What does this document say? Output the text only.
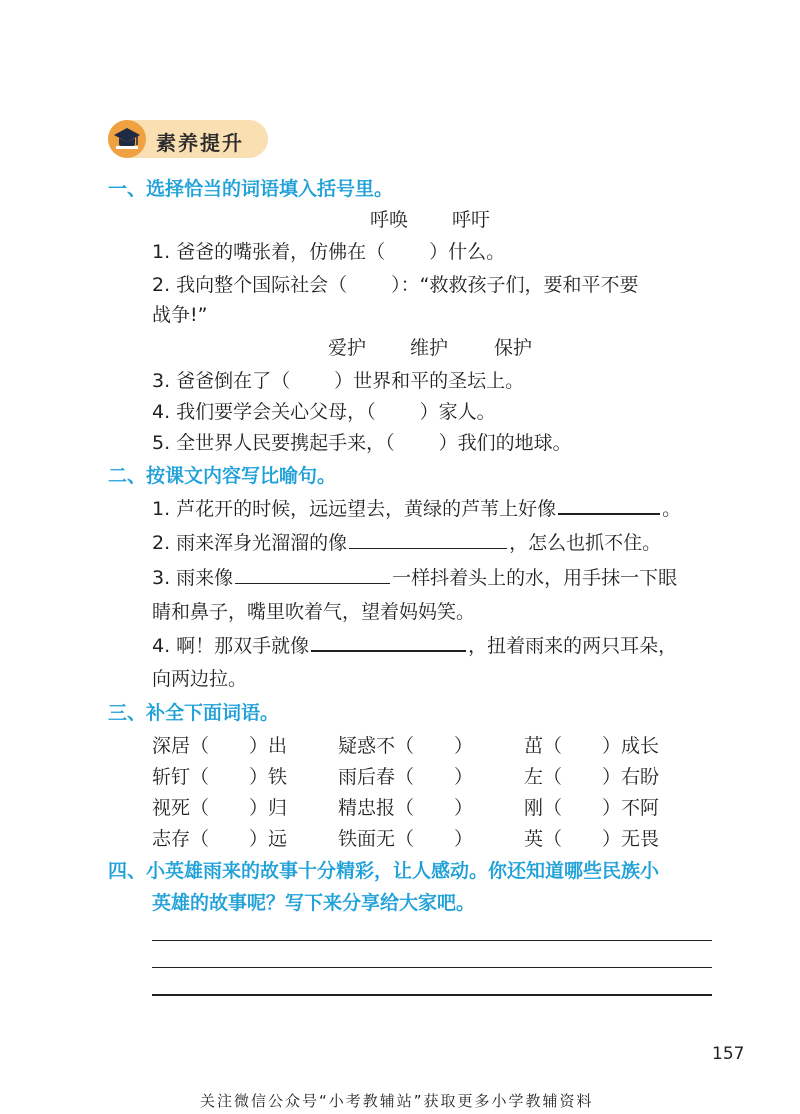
素养提升
一、选择恰当的词语填入括号里。
呼唤 呼吁
1. 爸爸的嘴张着，仿佛在（ ）什么。
2. 我向整个国际社会（ ）：“救救孩子们，要和平不要
战争!”
爱护 维护 保护
3. 爸爸倒在了（ ）世界和平的圣坛上。
4. 我们要学会关心父母，（ ）家人。
5. 全世界人民要携起手来，（ ）我们的地球。
二、按课文内容写比喻句。
1. 芦花开的时候，远远望去，黄绿的芦苇上好像	。
2. 雨来浑身光溜溜的像	，怎么也抓不住。
3. 雨来像	一样抖着头上的水，用手抹一下眼
睛和鼻子，嘴里吹着气，望着妈妈笑。
4. 啊！那双手就像	，扭着雨来的两只耳朵，
向两边拉。
三、补全下面词语。
深居（ ）出	疑惑不（ ）	茁（ ）成长
斩钉（ ）铁	雨后春（ ）	左（ ）右盼
视死（ ）归	精忠报（ ）	刚（ ）不阿
志存（ ）远	铁面无（ ）	英（ ）无畏
四、小英雄雨来的故事十分精彩，让人感动。你还知道哪些民族小
英雄的故事呢？写下来分享给大家吧。
157
关注微信公众号“小考教辅站”获取更多小学教辅资料
